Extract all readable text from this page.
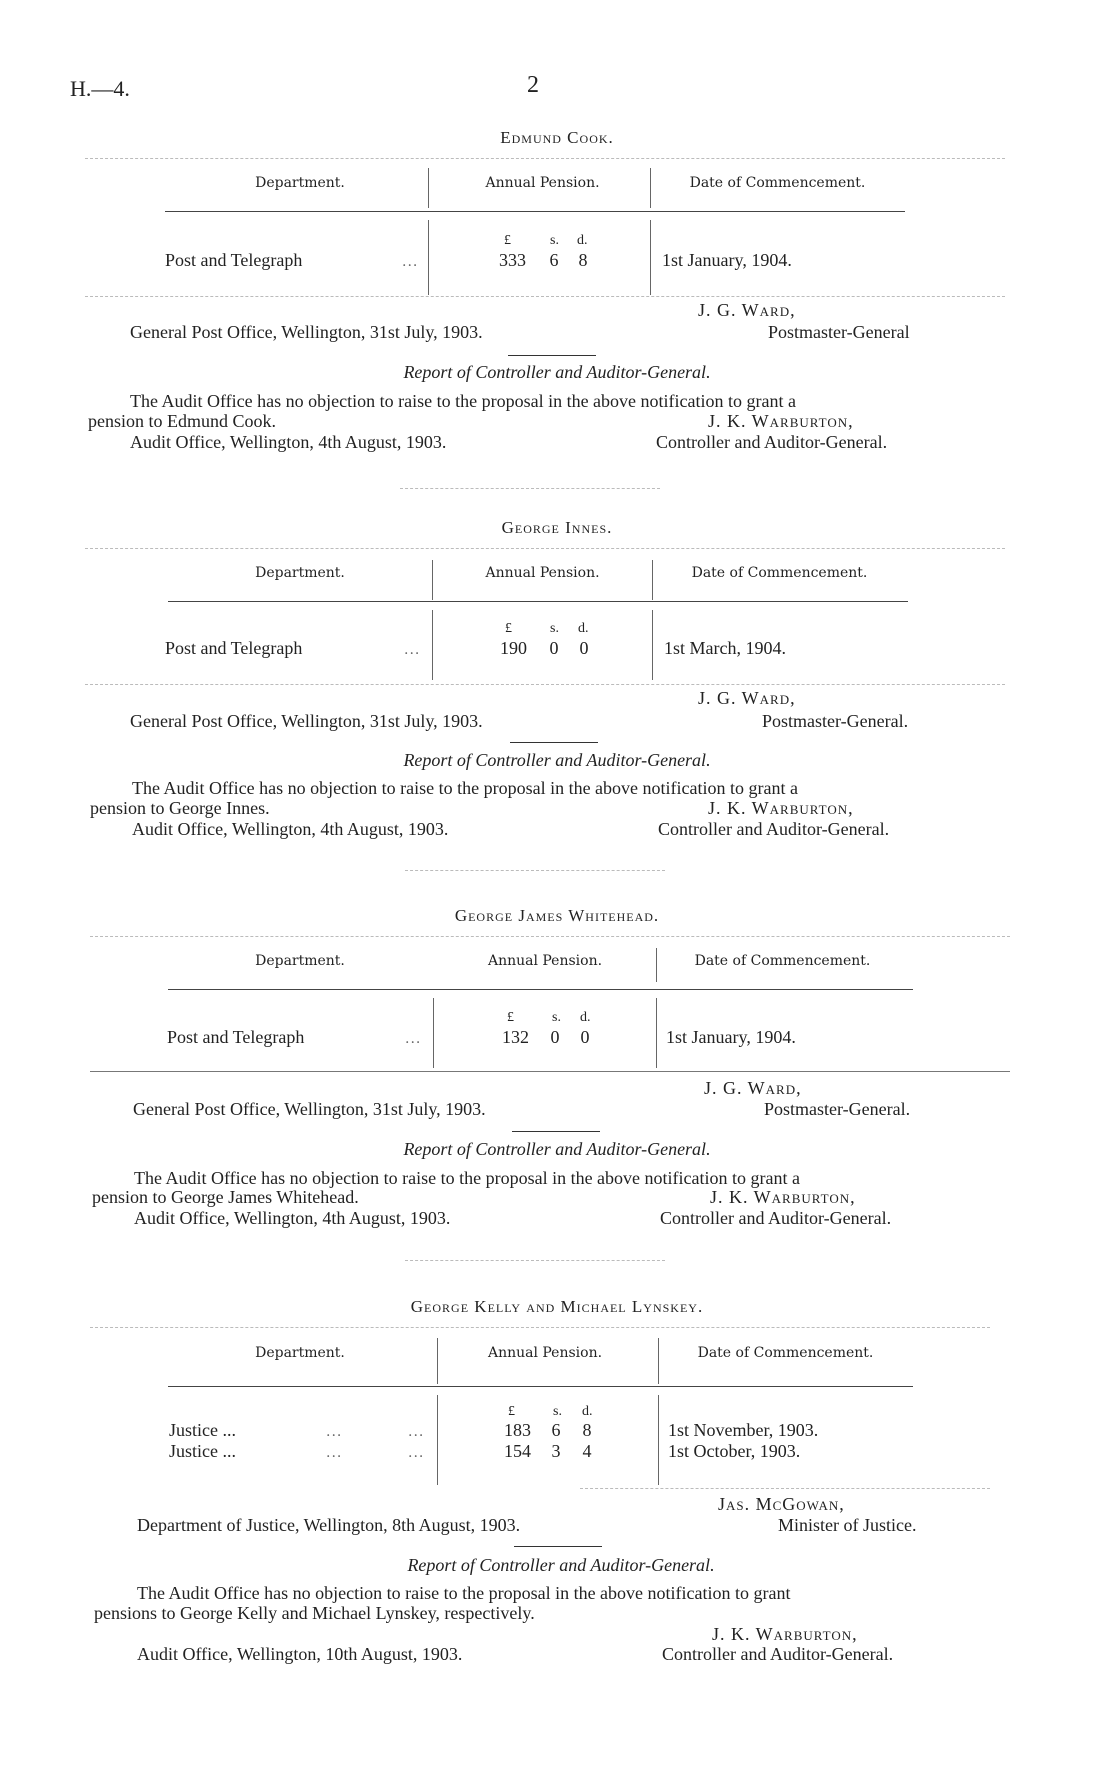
H.—4.	2
Edmund Cook.
Department.	Annual Pension.	Date of Commencement.
£	s. d.
Post and Telegraph	...	333 6 8	1st January, 1904.
J. G. Ward,
General Post Office, Wellington, 31st July, 1903.	Postmaster-General
Report of Controller and Auditor-General.
The Audit Office has no objection to raise to the proposal in the above notification to grant a
pension to Edmund Cook.	J. K. Warburton,
Audit Office, Wellington, 4th August, 1903.	Controller and Auditor-General.
George Innes.
Department.	Annual Pension.	Date of Commencement.
£	s. d.
Post and Telegraph	...	190 0 0	1st March, 1904.
J. G. Ward,
General Post Office, Wellington, 31st July, 1903.	Postmaster-General.
Report of Controller and Auditor-General.
The Audit Office has no objection to raise to the proposal in the above notification to grant a
pension to George Innes.	J. K. Warburton,
Audit Office, Wellington, 4th August, 1903.	Controller and Auditor-General.
George James Whitehead.
Department.	Annual Pension.	Date of Commencement.
£	s. d.
Post and Telegraph	...	132 0 0	1st January, 1904.
J. G. Ward,
General Post Office, Wellington, 31st July, 1903.	Postmaster-General.
Report of Controller and Auditor-General.
The Audit Office has no objection to raise to the proposal in the above notification to grant a
pension to George James Whitehead.	J. K. Warburton,
Audit Office, Wellington, 4th August, 1903.	Controller and Auditor-General.
George Kelly and Michael Lynskey.
Department.	Annual Pension.	Date of Commencement.
£	s. d.
Justice ...	...	...	183 6 8	1st November, 1903.
Justice ...	...	...	154 3 4	1st October, 1903.
Jas. McGowan,
Department of Justice, Wellington, 8th August, 1903.	Minister of Justice.
Report of Controller and Auditor-General.
The Audit Office has no objection to raise to the proposal in the above notification to grant
pensions to George Kelly and Michael Lynskey, respectively.
J. K. Warburton,
Audit Office, Wellington, 10th August, 1903.	Controller and Auditor-General.
